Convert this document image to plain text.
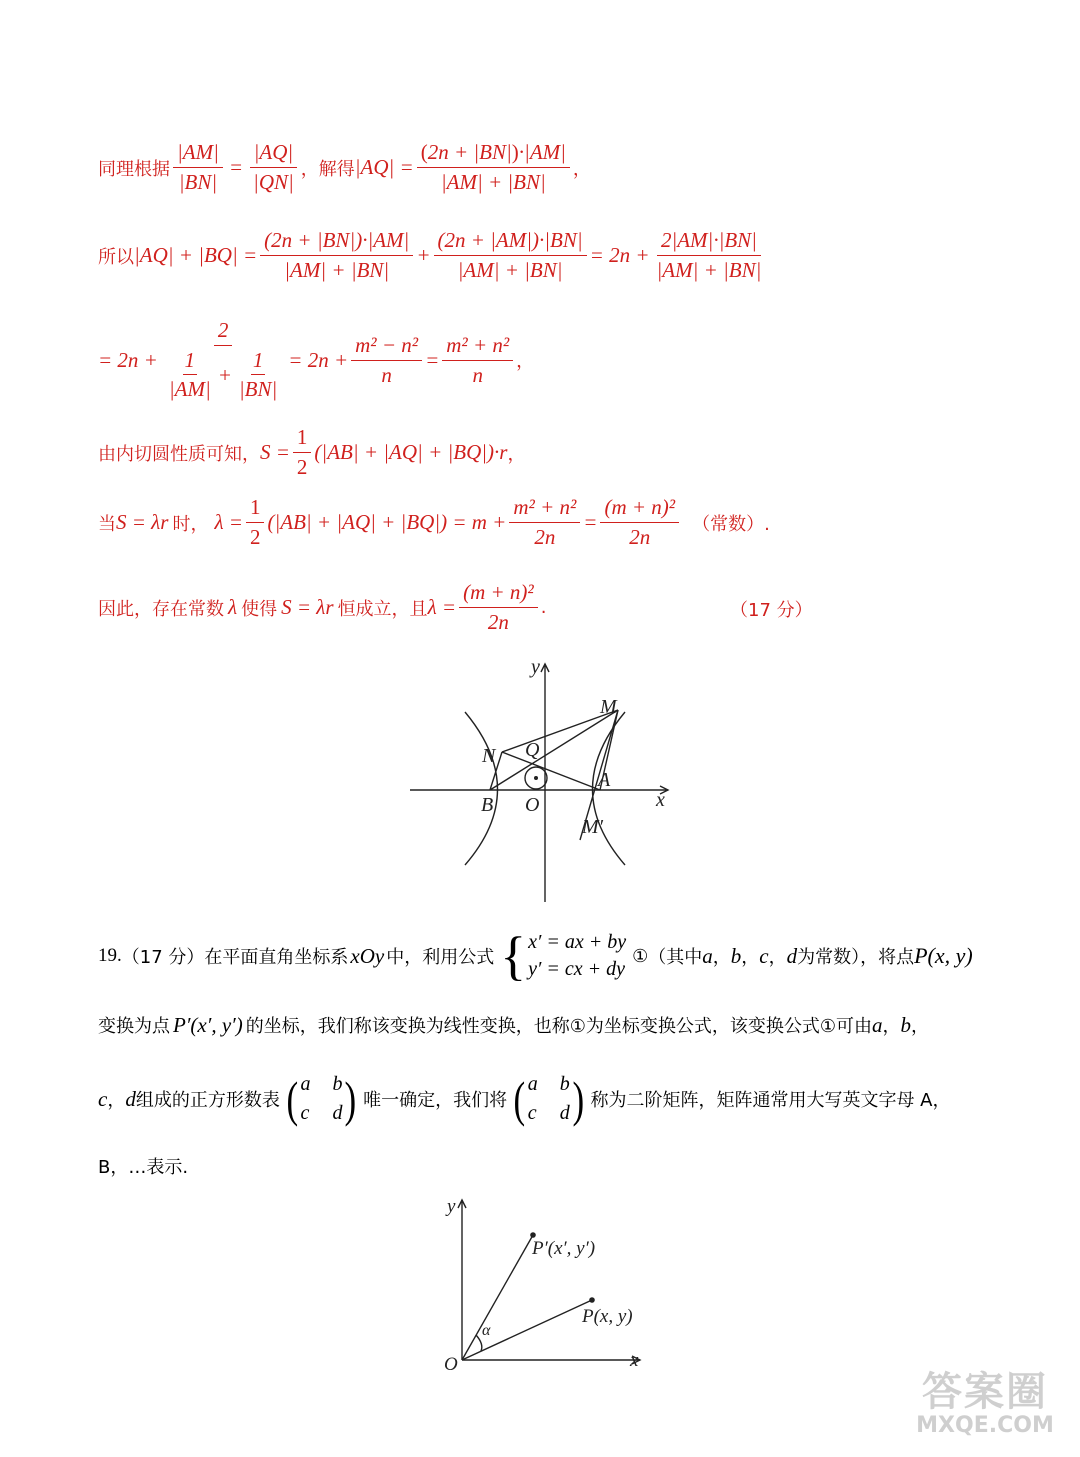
同理根据 $\frac{|AM|}{|BN|} = \frac{|AQ|}{|QN|}$ ，解得 $|AQ| = \frac{(2n + |BN|)\cdot|AM|}{|AM| + |BN|}$ ，
所以 $|AQ| + |BQ| = \frac{(2n + |BN|)\cdot|AM|}{|AM| + |BN|} + \frac{(2n + |AM|)\cdot|BN|}{|AM| + |BN|} = 2n + \frac{2|AM|\cdot|BN|}{|AM| + |BN|}$
= $2n + \frac{2}{\frac{1}{|AM|} + \frac{1}{|BN|}} = 2n + \frac{\text{m² − n²}}{n} = \frac{\text{m² + n²}}{n}$ ，
由内切圆性质可知， $S = \frac{1}{2} (|AB| + |AQ| + |BQ|)\cdot r$ ，
当 S = λr 时， $\lambda = \frac{1}{2} (|AB| + |AQ| + |BQ|) = m + \frac{\text{m² + n²}}{2n} = \frac{\text{(m + n)²}}{2n}$ （常数）.
因此，存在常数 λ 使得 S = λr 恒成立，且 $\lambda = \frac{\text{(m + n)²}}{2n}$ .	（17 分）
y
x
M
N Q
A
B O
M′
19. （17 分） 在平面直角坐标系 xOy 中，利用公式 { x′ = ax + by
y′ = cx + dy
① （其中 a ， b ， c ， d 为常数），将点 P(x, y)
变换为点 P′(x′, y′) 的坐标，我们称该变换为线性变换，也称①为坐标变换公式，该变换公式①可由 a ， b ，
c ， d 组成的正方形数表 ( a b
c d ) 唯一确定，我们将 ( a b
c d ) 称为二阶矩阵，矩阵通常用大写英文字母 A，
B，…表示.
y
x
O
P′(x′, y′)
P(x, y)
α
答案圈
MXQE.COM
